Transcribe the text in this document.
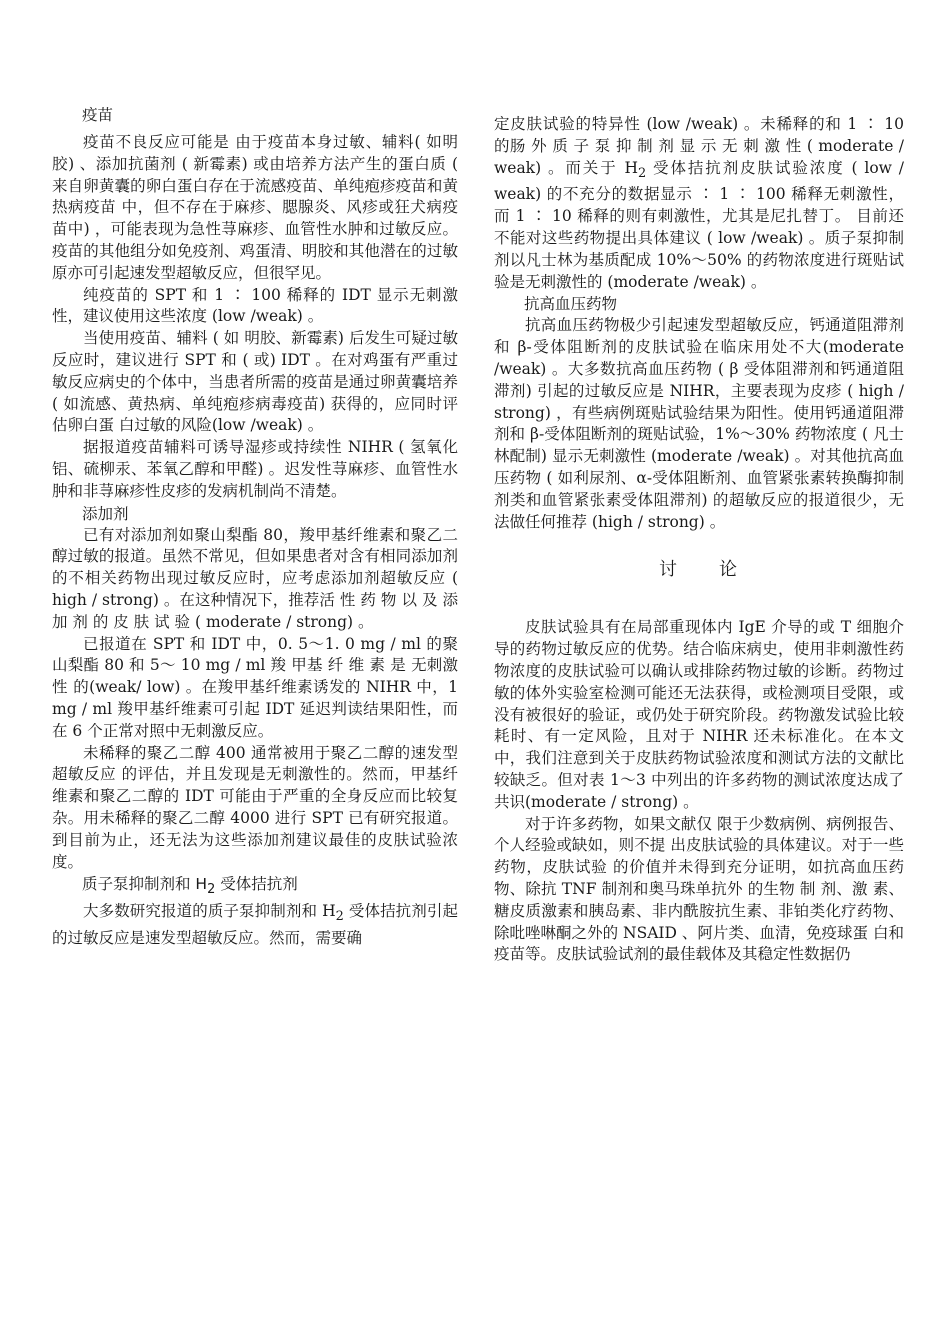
疫苗

疫苗不良反应可能是 由于疫苗本身过敏、辅料( 如明胶) 、添加抗菌剂 ( 新霉素) 或由培养方法产生的蛋白质 ( 来自卵黄囊的卵白蛋白存在于流感疫苗、单纯疱疹疫苗和黄热病疫苗 中，但不存在于麻疹、腮腺炎、风疹或狂犬病疫苗中) ，可能表现为急性荨麻疹、血管性水肿和过敏反应。疫苗的其他组分如免疫剂、鸡蛋清、明胶和其他潜在的过敏原亦可引起速发型超敏反应，但很罕见。

纯疫苗的 SPT 和 1 ∶ 100 稀释的 IDT 显示无刺激性，建议使用这些浓度 (low /weak) 。

当使用疫苗、辅料 ( 如 明胶、新霉素) 后发生可疑过敏反应时，建议进行 SPT 和 ( 或) IDT 。在对鸡蛋有严重过敏反应病史的个体中，当患者所需的疫苗是通过卵黄囊培养 ( 如流感、黄热病、单纯疱疹病毒疫苗) 获得的，应同时评估卵白蛋 白过敏的风险(low /weak) 。

据报道疫苗辅料可诱导湿疹或持续性 NIHR ( 氢氧化铝、硫柳汞、苯氧乙醇和甲醛) 。迟发性荨麻疹、血管性水肿和非荨麻疹性皮疹的发病机制尚不清楚。

添加剂

已有对添加剂如聚山梨酯 80，羧甲基纤维素和聚乙二醇过敏的报道。虽然不常见，但如果患者对含有相同添加剂的不相关药物出现过敏反应时，应考虑添加剂超敏反应 ( high / strong) 。在这种情况下，推荐活 性 药 物 以 及 添 加 剂 的 皮 肤 试 验 ( moderate / strong) 。

已报道在 SPT 和 IDT 中，0. 5～1. 0 mg / ml 的聚山梨酯 80 和 5～ 10 mg / ml 羧 甲基 纤 维 素 是 无刺激 性 的(weak/ low) 。在羧甲基纤维素诱发的 NIHR 中，1 mg / ml 羧甲基纤维素可引起 IDT 延迟判读结果阳性，而在 6 个正常对照中无刺激反应。

未稀释的聚乙二醇 400 通常被用于聚乙二醇的速发型超敏反应 的评估，并且发现是无刺激性的。然而，甲基纤维素和聚乙二醇的 IDT 可能由于严重的全身反应而比较复杂。用未稀释的聚乙二醇 4000 进行 SPT 已有研究报道。到目前为止，还无法为这些添加剂建议最佳的皮肤试验浓度。

质子泵抑制剂和 $H_2$ 受体拮抗剂

大多数研究报道的质子泵抑制剂和 $H_2$ 受体拮抗剂引起的过敏反应是速发型超敏反应。然而，需要确

定皮肤试验的特异性 (low /weak) 。未稀释的和 1 ∶ 10 的肠 外 质 子 泵 抑 制 剂 显 示 无 刺 激 性 ( moderate / weak) 。而关于 $H_2$ 受体拮抗剂皮肤试验浓度 ( low / weak) 的不充分的数据显示 ∶ 1 ∶ 100 稀释无刺激性，而 1 ∶ 10 稀释的则有刺激性，尤其是尼扎替丁。 目前还不能对这些药物提出具体建议 ( low /weak) 。质子泵抑制剂以凡士林为基质配成 10%～50% 的药物浓度进行斑贴试验是无刺激性的 (moderate /weak) 。

抗高血压药物

抗高血压药物极少引起速发型超敏反应，钙通道阻滞剂和 β-受体阻断剂的皮肤试验在临床用处不大(moderate /weak) 。大多数抗高血压药物 ( β 受体阻滞剂和钙通道阻滞剂) 引起的过敏反应是 NIHR，主要表现为皮疹 ( high / strong) ，有些病例斑贴试验结果为阳性。使用钙通道阻滞剂和 β-受体阻断剂的斑贴试验，1%～30% 药物浓度 ( 凡士林配制) 显示无刺激性 (moderate /weak) 。对其他抗高血压药物 ( 如利尿剂、α-受体阻断剂、血管紧张素转换酶抑制剂类和血管紧张素受体阻滞剂) 的超敏反应的报道很少，无法做任何推荐 (high / strong) 。

讨　　论

皮肤试验具有在局部重现体内 IgE 介导的或 T 细胞介导的药物过敏反应的优势。结合临床病史，使用非刺激性药物浓度的皮肤试验可以确认或排除药物过敏的诊断。药物过敏的体外实验室检测可能还无法获得，或检测项目受限，或没有被很好的验证，或仍处于研究阶段。药物激发试验比较耗时、有一定风险，且对于 NIHR 还未标准化。在本文中，我们注意到关于皮肤药物试验浓度和测试方法的文献比较缺乏。但对表 1～3 中列出的许多药物的测试浓度达成了共识(moderate / strong) 。

对于许多药物，如果文献仅 限于少数病例、病例报告、个人经验或缺如，则不提 出皮肤试验的具体建议。对于一些药物，皮肤试验 的价值并未得到充分证明，如抗高血压药物、除抗 TNF 制剂和奥马珠单抗外 的生物 制 剂、激 素、糖皮质激素和胰岛素、非内酰胺抗生素、非铂类化疗药物、 除吡唑啉酮之外的 NSAID 、阿片类、血清，免疫球蛋 白和疫苗等。皮肤试验试剂的最佳载体及其稳定性数据仍
